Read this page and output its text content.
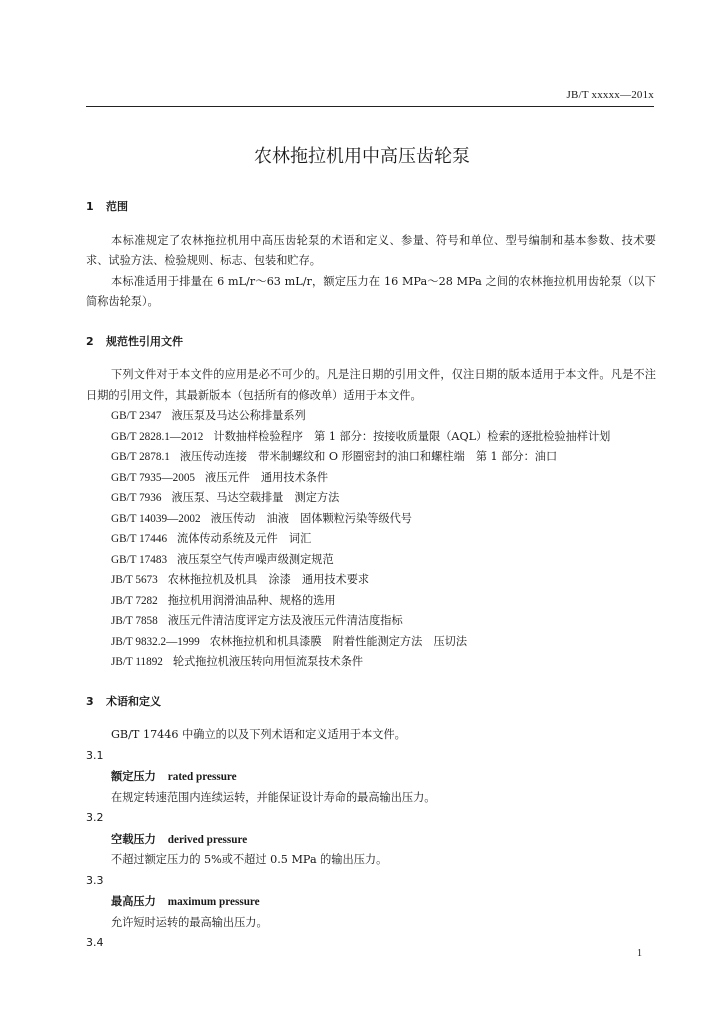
JB/T xxxxx—201x
农林拖拉机用中高压齿轮泵

1 范围

本标准规定了农林拖拉机用中高压齿轮泵的术语和定义、参量、符号和单位、型号编制和基本参数、技术要求、试验方法、检验规则、标志、包装和贮存。

本标准适用于排量在 6 mL/r～63 mL/r，额定压力在 16 MPa～28 MPa 之间的农林拖拉机用齿轮泵（以下简称齿轮泵）。

2 规范性引用文件

下列文件对于本文件的应用是必不可少的。凡是注日期的引用文件，仅注日期的版本适用于本文件。凡是不注日期的引用文件，其最新版本（包括所有的修改单）适用于本文件。

GB/T 2347 液压泵及马达公称排量系列

GB/T 2828.1—2012 计数抽样检验程序　第 1 部分：按接收质量限（AQL）检索的逐批检验抽样计划

GB/T 2878.1 液压传动连接　带米制螺纹和 O 形圈密封的油口和螺柱端　第 1 部分：油口

GB/T 7935—2005 液压元件　通用技术条件

GB/T 7936 液压泵、马达空载排量　测定方法

GB/T 14039—2002 液压传动　油液　固体颗粒污染等级代号

GB/T 17446 流体传动系统及元件　词汇

GB/T 17483 液压泵空气传声噪声级测定规范

JB/T 5673 农林拖拉机及机具　涂漆　通用技术要求

JB/T 7282 拖拉机用润滑油品种、规格的选用

JB/T 7858 液压元件清洁度评定方法及液压元件清洁度指标

JB/T 9832.2—1999 农林拖拉机和机具漆膜　附着性能测定方法　压切法

JB/T 11892 轮式拖拉机液压转向用恒流泵技术条件

3 术语和定义

GB/T 17446 中确立的以及下列术语和定义适用于本文件。

3.1

额定压力 rated pressure

在规定转速范围内连续运转，并能保证设计寿命的最高输出压力。

3.2

空载压力 derived pressure

不超过额定压力的 5%或不超过 0.5 MPa 的输出压力。

3.3

最高压力 maximum pressure

允许短时运转的最高输出压力。

3.4

1
